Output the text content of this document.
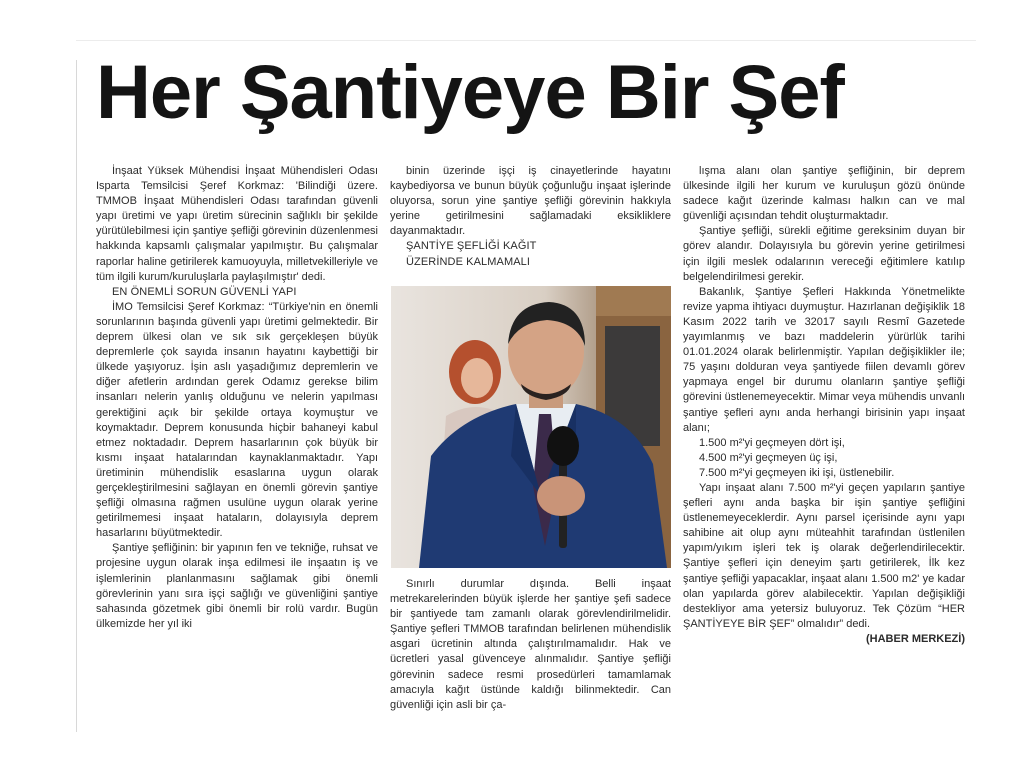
Her Şantiyeye Bir Şef

İnşaat Yüksek Mühendisi İnşaat Mühendisleri Odası Isparta Temsilcisi Şeref Korkmaz: 'Bilindiği üzere. TMMOB İnşaat Mühendisleri Odası tarafından güvenli yapı üretimi ve yapı üretim sürecinin sağlıklı bir şekilde yürütülebilmesi için şantiye şefliği görevinin düzenlenmesi hakkında kapsamlı çalışmalar yapılmıştır. Bu çalışmalar raporlar haline getirilerek kamuoyuyla, milletvekilleriyle ve tüm ilgili kurum/kuruluşlarla paylaşılmıştır' dedi.

EN ÖNEMLİ SORUN GÜVENLİ YAPI

İMO Temsilcisi Şeref Korkmaz: “Türkiye'nin en önemli sorunlarının başında güvenli yapı üretimi gelmektedir. Bir deprem ülkesi olan ve sık sık gerçekleşen büyük depremlerle çok sayıda insanın hayatını kaybettiği bir ülkede yaşıyoruz. İşin aslı yaşadığımız depremlerin ve diğer afetlerin ardından gerek Odamız gerekse bilim insanları nelerin yanlış olduğunu ve nelerin yapılması gerektiğini açık bir şekilde ortaya koymuştur ve koymaktadır. Deprem konusunda hiçbir bahaneyi kabul etmez noktadadır. Deprem hasarlarının çok büyük bir kısmı inşaat hatalarından kaynaklanmaktadır. Yapı üretiminin mühendislik esaslarına uygun olarak gerçekleştirilmesini sağlayan en önemli görevin şantiye şefliği olmasına rağmen usulüne uygun olarak yerine getirilmemesi inşaat hataların, dolayısıyla deprem hasarlarını büyütmektedir.

Şantiye şefliğinin: bir yapının fen ve tekniğe, ruhsat ve projesine uygun olarak inşa edilmesi ile inşaatın iş ve işlemlerinin planlanmasını sağlamak gibi önemli görevlerinin yanı sıra işçi sağlığı ve güvenliğini şantiye sahasında gözetmek gibi önemli bir rolü vardır. Bugün ülkemizde her yıl iki

binin üzerinde işçi iş cinayetlerinde hayatını kaybediyorsa ve bunun büyük çoğunluğu inşaat işlerinde oluyorsa, sorun yine şantiye şefliği görevinin hakkıyla yerine getirilmesini sağlamadaki eksikliklere dayanmaktadır.

ŞANTİYE ŞEFLİĞİ KAĞIT

ÜZERİNDE KALMAMALI

Sınırlı durumlar dışında. Belli inşaat metrekarelerinden büyük işlerde her şantiye şefi sadece bir şantiyede tam zamanlı olarak görevlendirilmelidir. Şantiye şefleri TMMOB tarafından belirlenen mühendislik asgari ücretinin altında çalıştırılmamalıdır. Hak ve ücretleri yasal güvenceye alınmalıdır. Şantiye şefliği görevinin sadece resmi prosedürleri tamamlamak amacıyla kağıt üstünde kaldığı bilinmektedir. Can güvenliği için asli bir ça-

lışma alanı olan şantiye şefliğinin, bir deprem ülkesinde ilgili her kurum ve kuruluşun gözü önünde sadece kağıt üzerinde kalması halkın can ve mal güvenliği açısından tehdit oluşturmaktadır.

Şantiye şefliği, sürekli eğitime gereksinim duyan bir görev alandır. Dolayısıyla bu görevin yerine getirilmesi için ilgili meslek odalarının vereceği eğitimlere katılıp belgelendirilmesi gerekir.

Bakanlık, Şantiye Şefleri Hakkında Yönetmelikte revize yapma ihtiyacı duymuştur. Hazırlanan değişiklik 18 Kasım 2022 tarih ve 32017 sayılı Resmî Gazetede yayımlanmış ve bazı maddelerin yürürlük tarihi 01.01.2024 olarak belirlenmiştir. Yapılan değişiklikler ile; 75 yaşını dolduran veya şantiyede fiilen devamlı görev yapmaya engel bir durumu olanların şantiye şefliği görevini üstlenemeyecektir. Mimar veya mühendis unvanlı şantiye şefleri aynı anda herhangi birisinin yapı inşaat alanı;

1.500 m²'yi geçmeyen dört işi,

4.500 m²'yi geçmeyen üç işi,

7.500 m²'yi geçmeyen iki işi, üstlenebilir.

Yapı inşaat alanı 7.500 m²'yi geçen yapıların şantiye şefleri aynı anda başka bir işin şantiye şefliğini üstlenemeyeceklerdir. Aynı parsel içerisinde aynı yapı sahibine ait olup aynı müteahhit tarafından üstlenilen yapım/yıkım işleri tek iş olarak değerlendirilecektir. Şantiye şefleri için deneyim şartı getirilerek, İlk kez şantiye şefliği yapacaklar, inşaat alanı 1.500 m2' ye kadar olan yapılarda görev alabilecektir. Yapılan değişikliği destekliyor ama yetersiz buluyoruz. Tek Çözüm “HER ŞANTİYEYE BİR ŞEF” olmalıdır” dedi.

(HABER MERKEZİ)
